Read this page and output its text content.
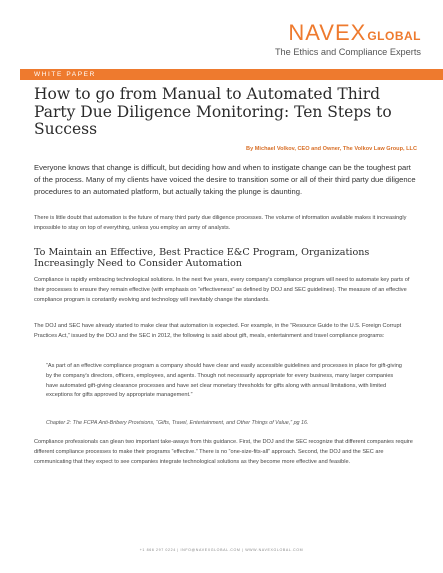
NAVEX GLOBAL
The Ethics and Compliance Experts
WHITE PAPER
How to go from Manual to Automated Third Party Due Diligence Monitoring: Ten Steps to Success
By Michael Volkov, CEO and Owner, The Volkov Law Group, LLC

Everyone knows that change is difficult, but deciding how and when to instigate change can be the toughest part of the process. Many of my clients have voiced the desire to transition some or all of their third party due diligence procedures to an automated platform, but actually taking the plunge is daunting.

There is little doubt that automation is the future of many third party due diligence processes. The volume of information available makes it increasingly impossible to stay on top of everything, unless you employ an army of analysts.

To Maintain an Effective, Best Practice E&C Program, Organizations Increasingly Need to Consider Automation

Compliance is rapidly embracing technological solutions. In the next five years, every company's compliance program will need to automate key parts of their processes to ensure they remain effective (with emphasis on “effectiveness” as defined by DOJ and SEC guidelines). The measure of an effective compliance program is constantly evolving and technology will inevitably change the standards.

The DOJ and SEC have already started to make clear that automation is expected. For example, in the “Resource Guide to the U.S. Foreign Corrupt Practices Act,” issued by the DOJ and the SEC in 2012, the following is said about gift, meals, entertainment and travel compliance programs:

“As part of an effective compliance program a company should have clear and easily accessible guidelines and processes in place for gift-giving by the company's directors, officers, employees, and agents. Though not necessarily appropriate for every business, many larger companies have automated gift-giving clearance processes and have set clear monetary thresholds for gifts along with annual limitations, with limited exceptions for gifts approved by appropriate management.”

Chapter 2: The FCPA Anti-Bribery Provisions, “Gifts, Travel, Entertainment, and Other Things of Value,” pg 16.

Compliance professionals can glean two important take-aways from this guidance. First, the DOJ and the SEC recognize that different companies require different compliance processes to make their programs “effective.” There is no “one-size-fits-all” approach. Second, the DOJ and the SEC are communicating that they expect to see companies integrate technological solutions as they become more effective and feasible.

+1 866 297 0224 | INFO@NAVEXGLOBAL.COM | WWW.NAVEXGLOBAL.COM
